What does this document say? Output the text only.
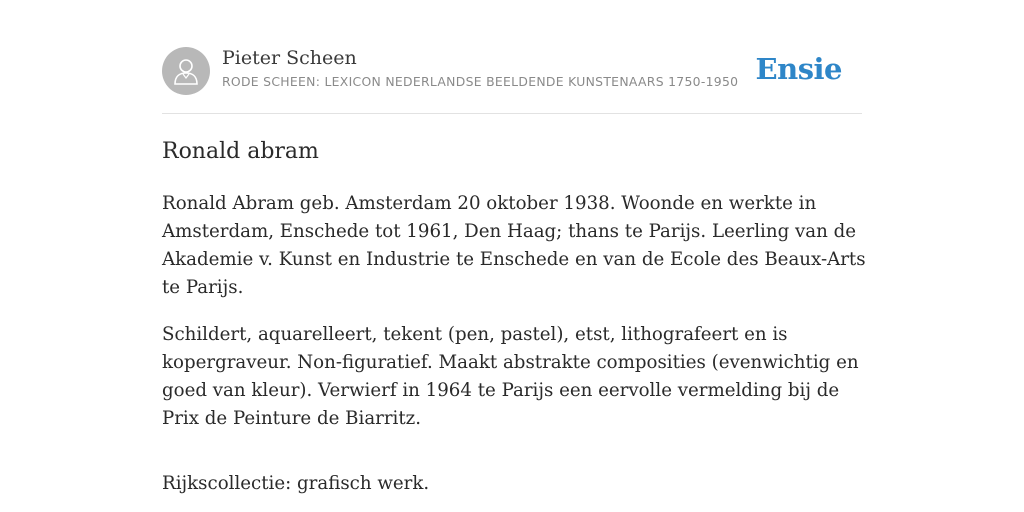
Pieter Scheen
RODE SCHEEN: LEXICON NEDERLANDSE BEELDENDE KUNSTENAARS 1750-1950 Ensie
Ronald abram

Ronald Abram geb. Amsterdam 20 oktober 1938. Woonde en werkte in Amsterdam, Enschede tot 1961, Den Haag; thans te Parijs. Leerling van de Akademie v. Kunst en Industrie te Enschede en van de Ecole des Beaux-Arts te Parijs.

Schildert, aquarelleert, tekent (pen, pastel), etst, lithografeert en is kopergraveur. Non-figuratief. Maakt abstrakte composities (evenwichtig en goed van kleur). Verwierf in 1964 te Parijs een eervolle vermelding bij de Prix de Peinture de Biarritz.

Rijkscollectie: grafisch werk.
